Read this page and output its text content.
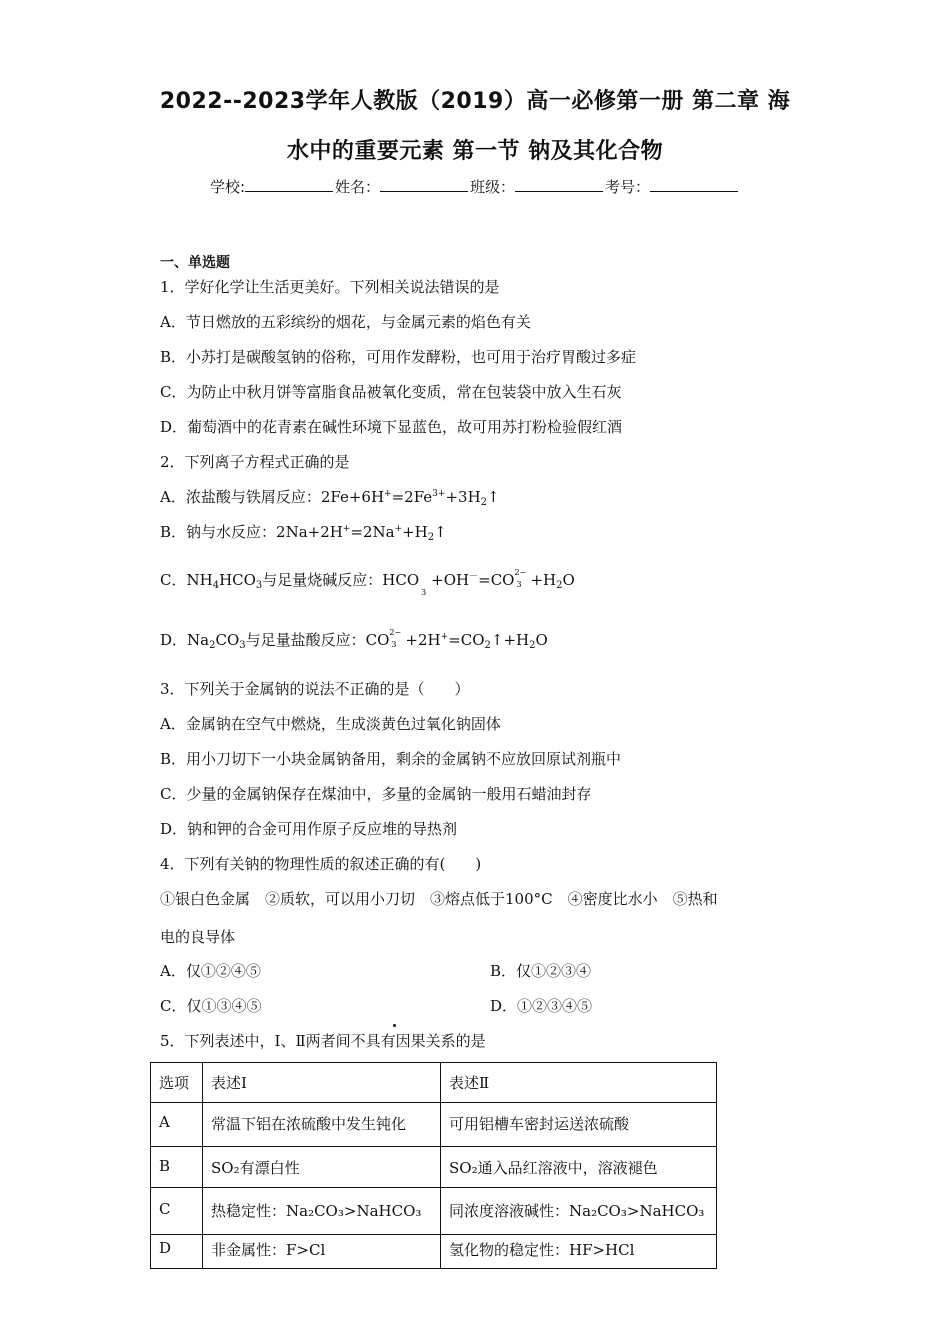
2022--2023学年人教版（2019）高一必修第一册 第二章 海
水中的重要元素 第一节 钠及其化合物
学校:	姓名：	班级：	考号：
一、单选题
1．学好化学让生活更美好。下列相关说法错误的是
A．节日燃放的五彩缤纷的烟花，与金属元素的焰色有关
B．小苏打是碳酸氢钠的俗称，可用作发酵粉，也可用于治疗胃酸过多症
C．为防止中秋月饼等富脂食品被氧化变质，常在包装袋中放入生石灰
D．葡萄酒中的花青素在碱性环境下显蓝色，故可用苏打粉检验假红酒
2．下列离子方程式正确的是
A．浓盐酸与铁屑反应：$2Fe+6H^+=2Fe^{3+}+3H_2↑$
B．钠与水反应：$2Na+2H^+=2Na^++H_2↑$
C．$NH_4HCO_3$与足量烧碱反应：HCO
3
+OH－=CO 2−
$3 +H_2O$
D．$Na_2CO_3$与足量盐酸反应：CO 2−
$3 +2H^+=CO_2↑+H_2O$
3．下列关于金属钠的说法不正确的是（　　）
A．金属钠在空气中燃烧，生成淡黄色过氧化钠固体
B．用小刀切下一小块金属钠备用，剩余的金属钠不应放回原试剂瓶中
C．少量的金属钠保存在煤油中，多量的金属钠一般用石蜡油封存
D．钠和钾的合金可用作原子反应堆的导热剂
4．下列有关钠的物理性质的叙述正确的有(　　)
①银白色金属　②质软，可以用小刀切　③熔点低于100°C　④密度比水小　⑤热和
电的良导体
A．仅①②④⑤	B．仅①②③④
C．仅①③④⑤	D．①②③④⑤
5．下列表述中，Ⅰ、Ⅱ两者间不具有因果关系的是
选项	表述Ⅰ	表述Ⅱ
A	常温下铝在浓硫酸中发生钝化	可用铝槽车密封运送浓硫酸
B	SO₂有漂白性	SO₂通入品红溶液中，溶液褪色
C	热稳定性：Na₂CO₃>NaHCO₃	同浓度溶液碱性：Na₂CO₃>NaHCO₃
D	非金属性：F>Cl	氢化物的稳定性：HF>HCl
